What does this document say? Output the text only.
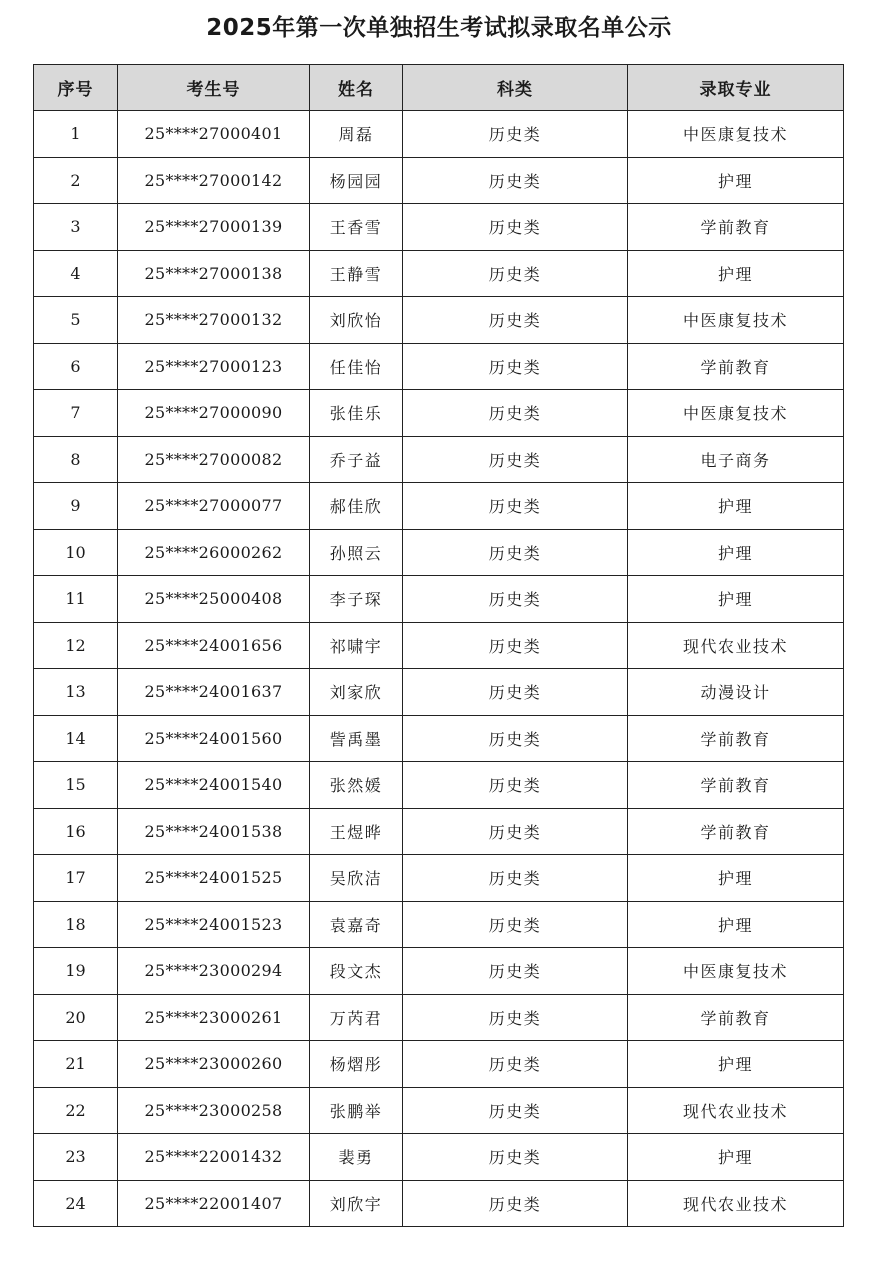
2025年第一次单独招生考试拟录取名单公示
序号	考生号	姓名	科类	录取专业
1	25****27000401	周磊	历史类	中医康复技术
2	25****27000142	杨园园	历史类	护理
3	25****27000139	王香雪	历史类	学前教育
4	25****27000138	王静雪	历史类	护理
5	25****27000132	刘欣怡	历史类	中医康复技术
6	25****27000123	任佳怡	历史类	学前教育
7	25****27000090	张佳乐	历史类	中医康复技术
8	25****27000082	乔子益	历史类	电子商务
9	25****27000077	郝佳欣	历史类	护理
10	25****26000262	孙照云	历史类	护理
11	25****25000408	李子琛	历史类	护理
12	25****24001656	祁啸宇	历史类	现代农业技术
13	25****24001637	刘家欣	历史类	动漫设计
14	25****24001560	訾禹墨	历史类	学前教育
15	25****24001540	张然媛	历史类	学前教育
16	25****24001538	王煜晔	历史类	学前教育
17	25****24001525	吴欣洁	历史类	护理
18	25****24001523	袁嘉奇	历史类	护理
19	25****23000294	段文杰	历史类	中医康复技术
20	25****23000261	万芮君	历史类	学前教育
21	25****23000260	杨熠彤	历史类	护理
22	25****23000258	张鹏举	历史类	现代农业技术
23	25****22001432	裴勇	历史类	护理
24	25****22001407	刘欣宇	历史类	现代农业技术
